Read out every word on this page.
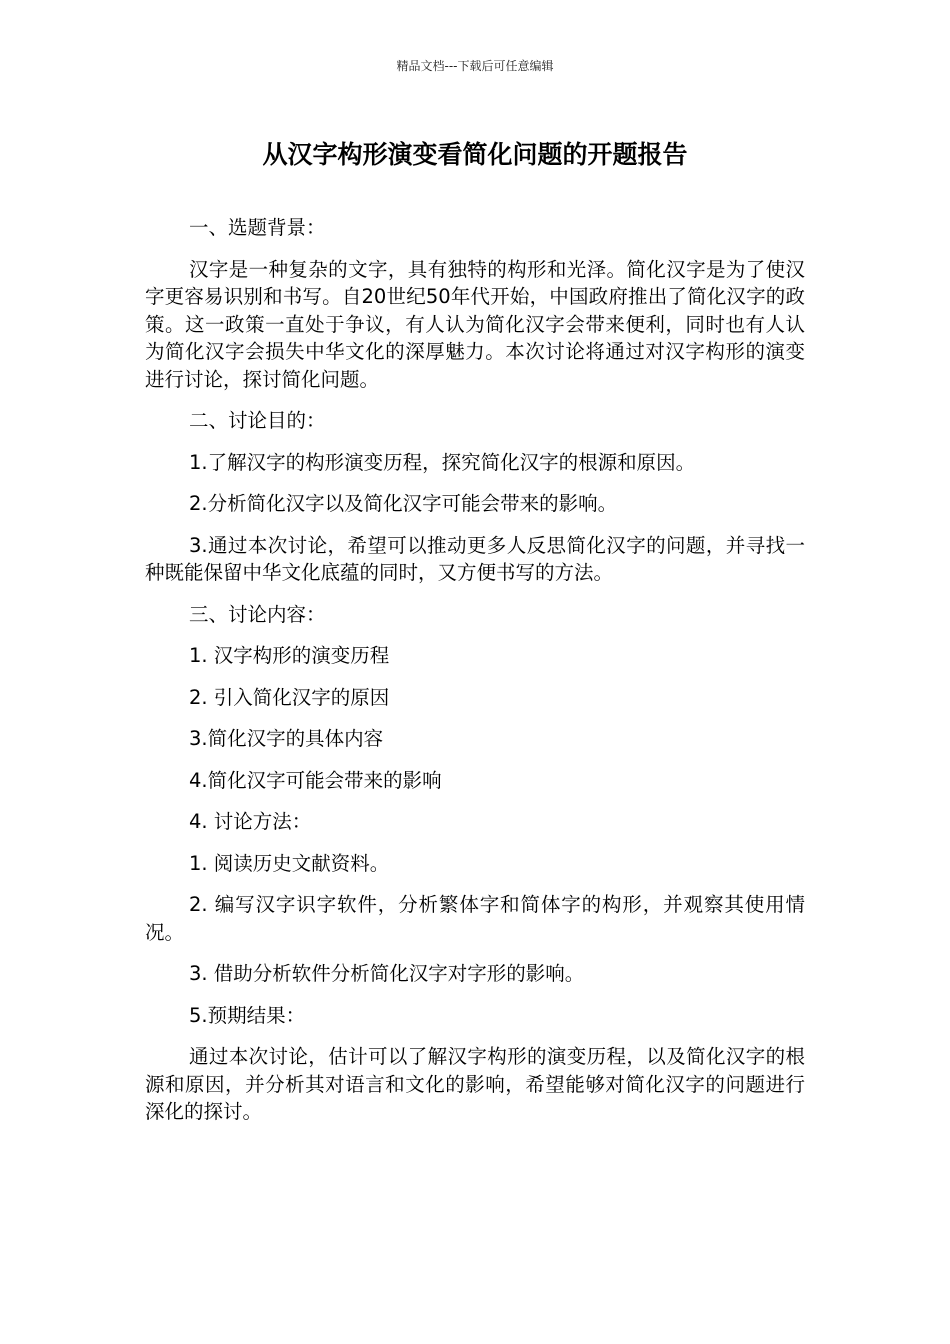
精品文档---下载后可任意编辑
从汉字构形演变看简化问题的开题报告

一、选题背景：

汉字是一种复杂的文字，具有独特的构形和光泽。简化汉字是为了使汉字更容易识别和书写。自20世纪50年代开始，中国政府推出了简化汉字的政策。这一政策一直处于争议，有人认为简化汉字会带来便利，同时也有人认为简化汉字会损失中华文化的深厚魅力。本次讨论将通过对汉字构形的演变进行讨论，探讨简化问题。

二、讨论目的：

1.了解汉字的构形演变历程，探究简化汉字的根源和原因。

2.分析简化汉字以及简化汉字可能会带来的影响。

3.通过本次讨论，希望可以推动更多人反思简化汉字的问题，并寻找一种既能保留中华文化底蕴的同时，又方便书写的方法。

三、讨论内容：

1. 汉字构形的演变历程

2. 引入简化汉字的原因

3.简化汉字的具体内容

4.简化汉字可能会带来的影响

4. 讨论方法：

1. 阅读历史文献资料。

2. 编写汉字识字软件，分析繁体字和简体字的构形，并观察其使用情况。

3. 借助分析软件分析简化汉字对字形的影响。

5.预期结果：

通过本次讨论，估计可以了解汉字构形的演变历程，以及简化汉字的根源和原因，并分析其对语言和文化的影响，希望能够对简化汉字的问题进行深化的探讨。
